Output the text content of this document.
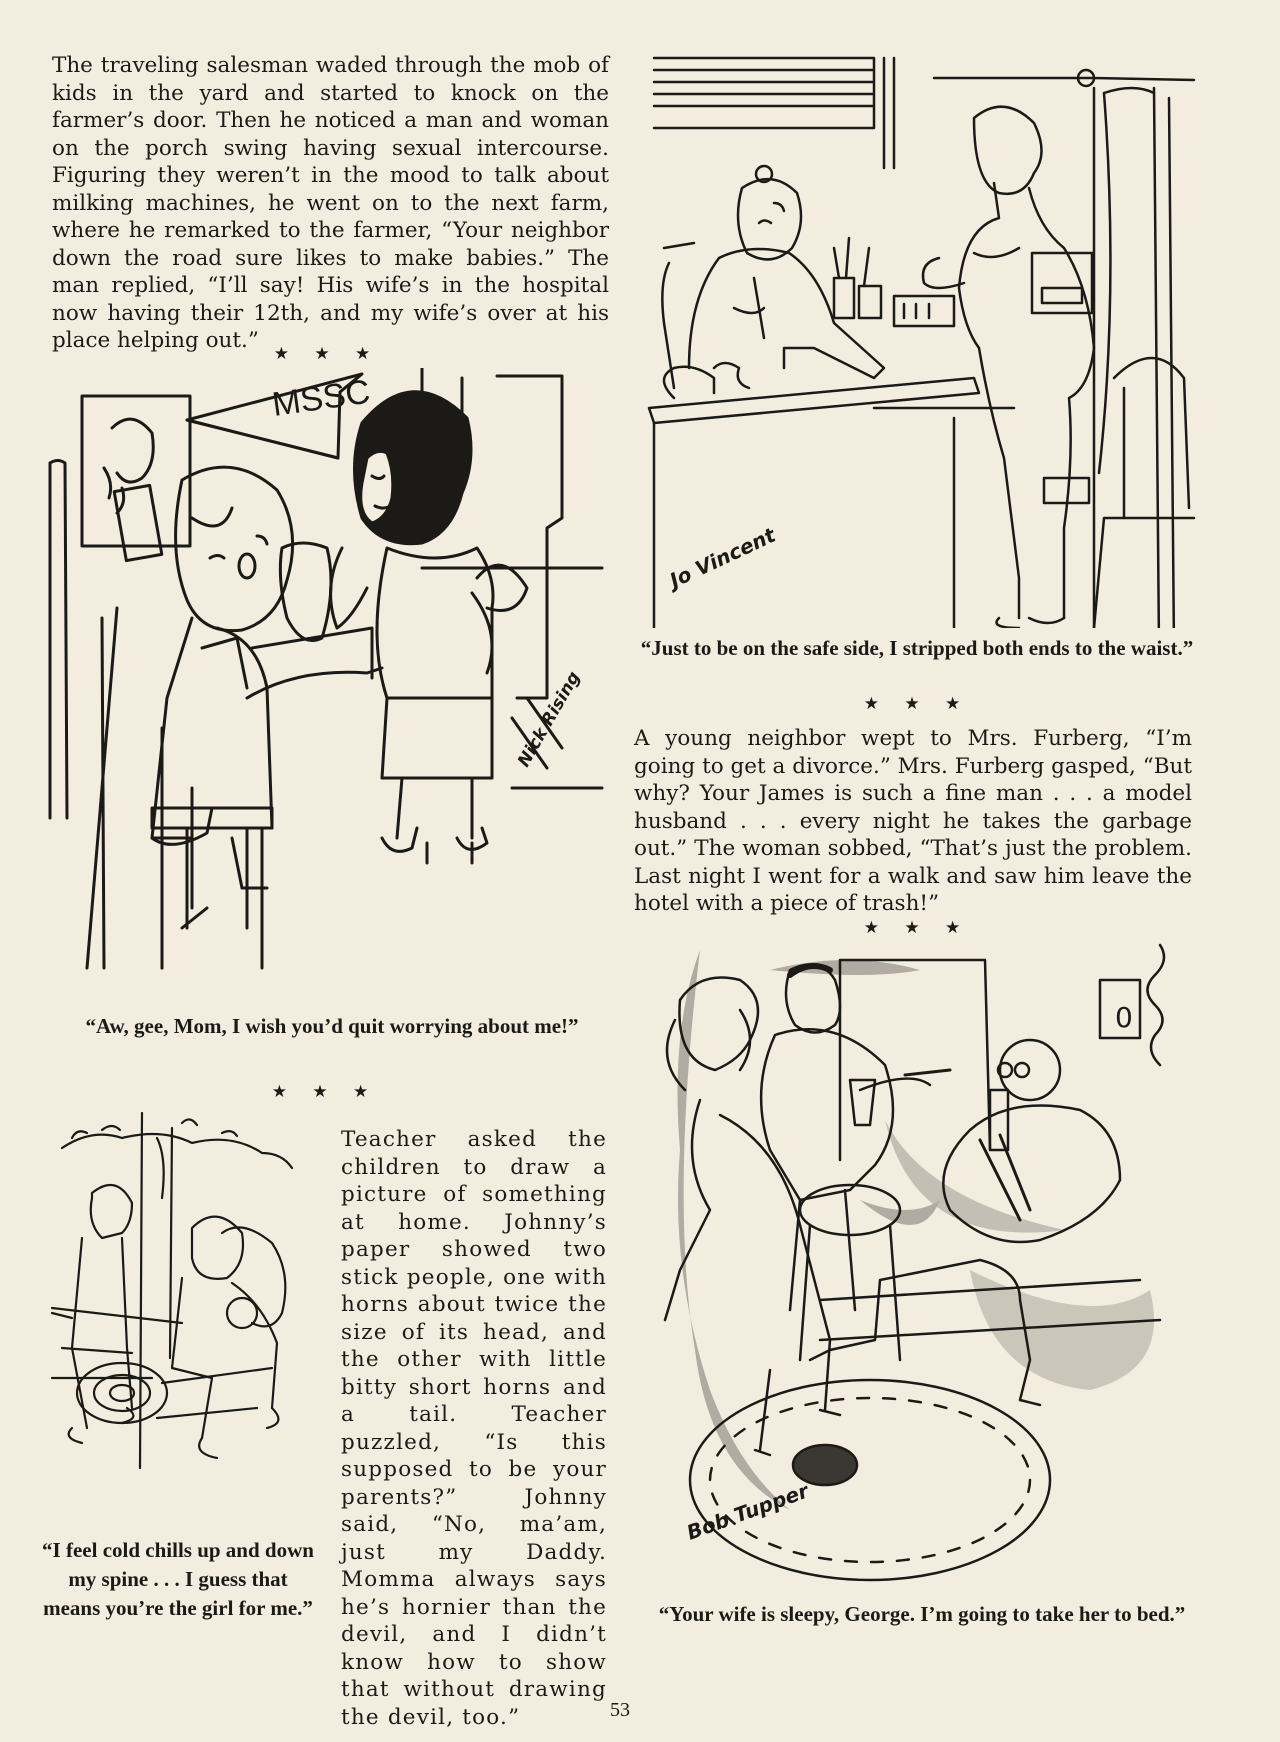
The traveling salesman waded through the mob of kids in the yard and started to knock on the farmer’s door. Then he noticed a man and woman on the porch swing having sexual intercourse. Figuring they weren’t in the mood to talk about milking machines, he went on to the next farm, where he remarked to the farmer, “Your neighbor down the road sure likes to make babies.” The man replied, “I’ll say! His wife’s in the hospital now having their 12th, and my wife’s over at his place helping out.”
★ ★ ★
MSSC
Nick Rising
“Aw, gee, Mom, I wish you’d quit worrying about me!”
★ ★ ★
“I feel cold chills up and down my spine . . . I guess that means you’re the girl for me.”
Teacher asked the children to draw a picture of something at home. Johnny’s paper showed two stick people, one with horns about twice the size of its head, and the other with little bitty short horns and a tail. Teacher puzzled, “Is this supposed to be your parents?” Johnny said, “No, ma’am, just my Daddy. Momma always says he’s hornier than the devil, and I didn’t know how to show that without drawing the devil, too.”
Jo Vincent
“Just to be on the safe side, I stripped both ends to the waist.”
★ ★ ★
A young neighbor wept to Mrs. Furberg, “I’m going to get a divorce.” Mrs. Furberg gasped, “But why? Your James is such a fine man . . . a model husband . . . every night he takes the garbage out.” The woman sobbed, “That’s just the problem. Last night I went for a walk and saw him leave the hotel with a piece of trash!”
★ ★ ★
0
Bob Tupper
“Your wife is sleepy, George. I’m going to take her to bed.”
53
